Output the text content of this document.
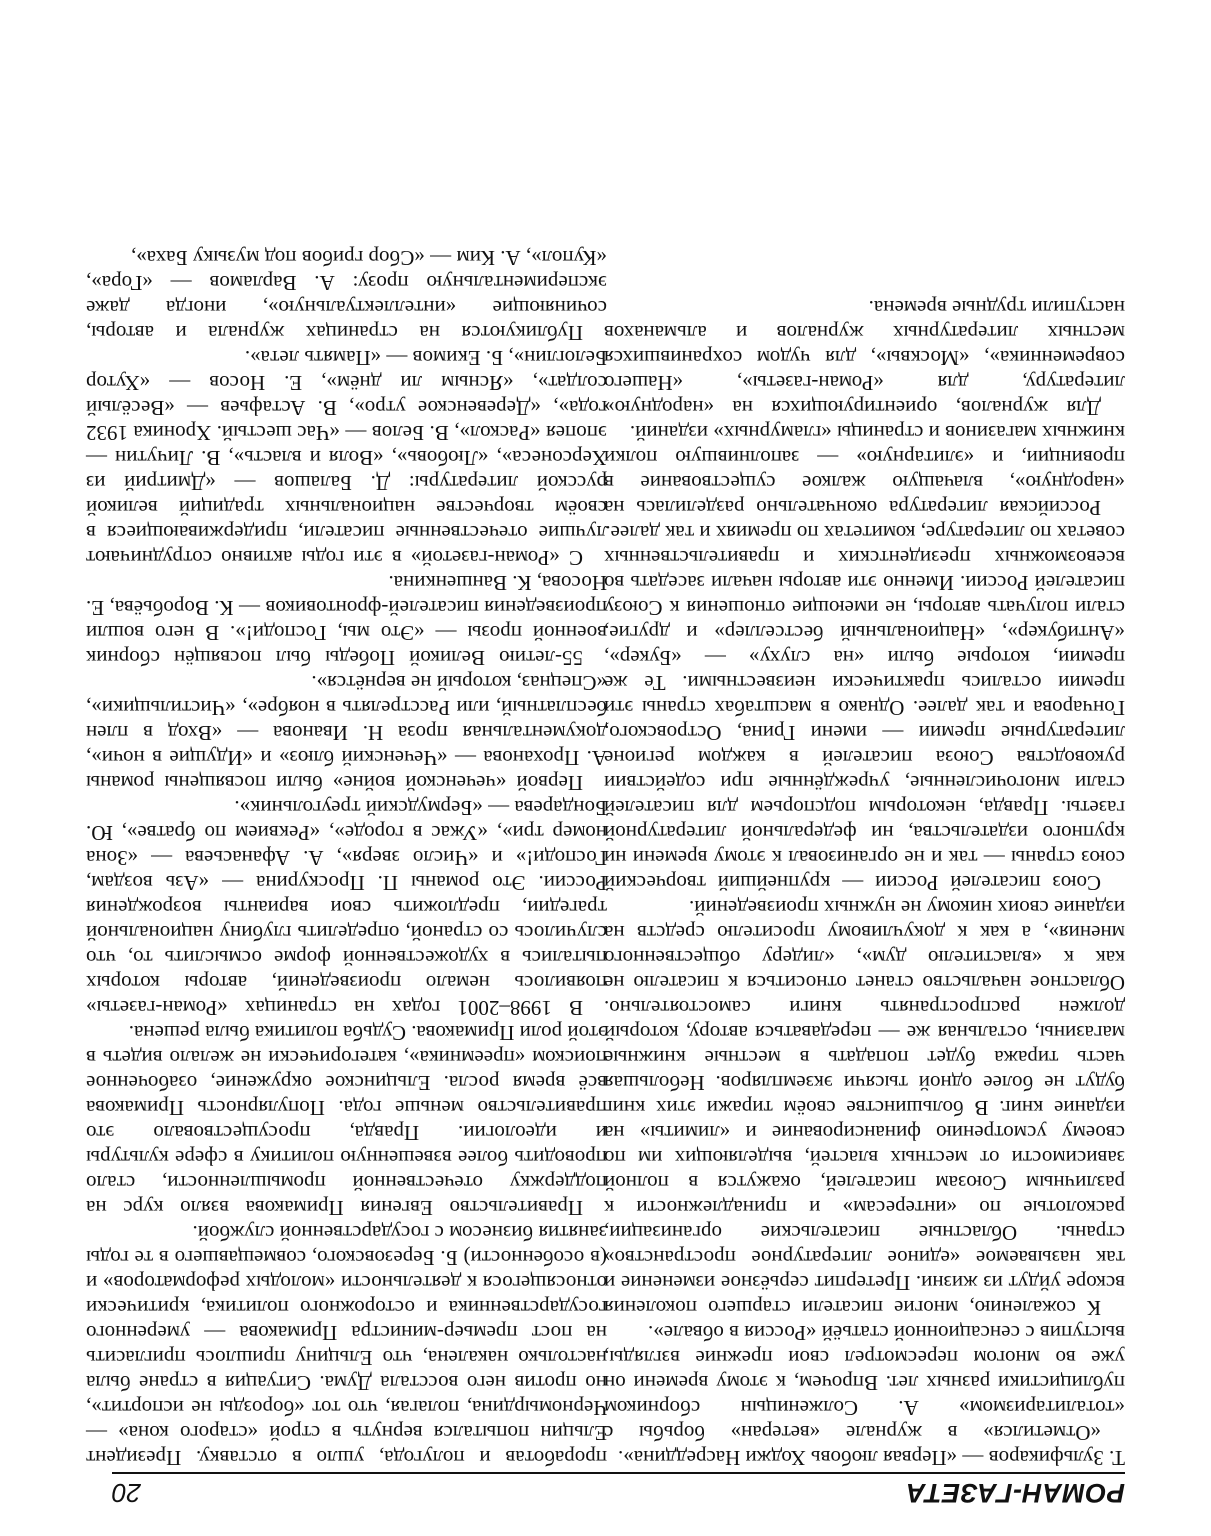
РОМАН-ГАЗЕТА
20

Т. Зульфикаров — «Первая любовь Ходжи Насреддина».

«Отметился» в журнале «ветеран» борьбы с «тоталитаризмом» А. Солженицын сборником публицистики разных лет. Впрочем, к этому времени он уже во многом пересмотрел свои прежние взгляды, выступив с сенсационной статьёй «Россия в обвале».

К сожалению, многие писатели старшего поколения вскоре уйдут из жизни. Претерпит серьёзное изменение и так называемое «единое литературное пространство» страны. Областные писательские организации, расколотые по «интересам» и принадлежности к различным Союзам писателей, окажутся в полной зависимости от местных властей, выделяющих им по своему усмотрению финансирование и «лимиты» на издание книг. В большинстве своём тиражи этих книг будут не более одной тысячи экземпляров. Небольшая часть тиража будет попадать в местные книжные магазины, остальная же — передаваться автору, который должен распространять книги самостоятельно. Областное начальство станет относиться к писателю не как к «властителю дум», «лидеру общественного мнения», а как к докучливому просителю средств на издание своих никому не нужных произведений.

Союз писателей России — крупнейший творческий союз страны — так и не организовал к этому времени ни крупного издательства, ни федеральной литературной газеты. Правда, некоторым подспорьем для писателей стали многочисленные, учреждённые при содействии руководства Союза писателей в каждом регионе литературные премии — имени Грина, Островского, Гончарова и так далее. Однако в масштабах страны эти премии остались практически неизвестными. Те же премии, которые были «на слуху» — «Букер», «Антибукер», «Национальный бестселлер» и другие, стали получать авторы, не имеющие отношения к Союзу писателей России. Именно эти авторы начали заседать во всевозможных президентских и правительственных советах по литературе, комитетах по премиях и так далее.

Российская литература окончательно разделилась на «народную», влачащую жалкое существование в провинции, и «элитарную» — заполнившую полки книжных магазинов и страницы «гламурных» изданий.

Для журналов, ориентирующихся на «народную» литературу, для «Роман-газеты», «Нашего современника», «Москвы», для чудом сохранившихся местных литературных журналов и альманахов наступили трудные времена.

проработав и полугода, ушло в отставку. Президент Ельцин попытался вернуть в строй «старого кона» — Черномырдина, полагая, что тот «борозды не испортит», но против него восстала Дума. Ситуация в стране была настолько накалена, что Ельцину пришлось пригласить на пост премьер-министра Примакова — умеренного государственника и осторожного политика, критически относящегося к деятельности «молодых реформаторов» и (в особенности) Б. Березовского, совмещавшего в те годы занятия бизнесом с государственной службой.

Правительство Евгения Примакова взяло курс на поддержку отечественной промышленности, стало проводить более взвешенную политику в сфере культуры и идеологии. Правда, просуществовало это правительство меньше года. Популярность Примакова всё время росла. Ельцинское окружение, озабоченное поиском «преемника», категорически не желало видеть в этой роли Примакова. Судьба политика была решена.

В 1998–2001 годах на страницах «Роман-газеты» появилось немало произведений, авторы которых пытались в художественной форме осмыслить то, что случилось со страной, определить глубину национальной трагедии, предложить свои варианты возрождения России. Это романы П. Проскурина — «Азь воздам, Господи!» и «Число зверя», А. Афанасьева — «Зона номер три», «Ужас в городе», «Реквием по братве», Ю. Бондарева — «Бермудский треугольник».

Первой «чеченской войне» были посвящены романы А. Проханова — «Чеченский блюз» и «Идущие в ночи», документальная проза Н. Иванова — «Вход в плен бесплатный, или Расстрелять в ноябре», «Чистильщики», «Спецназ, который не вернётся».

55-летию Великой Победы был посвящён сборник военной прозы — «Это мы, Господи!». В него вошли произведения писателей-фронтовиков — К. Воробьёва, Е. Носова, К. Ваншенкина.

С «Роман-газетой» в эти годы активно сотрудничают лучшие отечественные писатели, придерживающиеся в своём творчестве национальных традиций великой русской литературы: Д. Балашов — «Дмитрий из Херсонеса», «Любовь», «Воля и власть», В. Личутин — эпопея «Раскол», В. Белов — «Час шестый. Хроника 1932 года», «Деревенское утро», В. Астафьев — «Весёлый солдат», «Ясным ли днём», Е. Носов — «Хутор Белоглин», Б. Екимов — «Память лета».

Публикуются на страницах журнала и авторы, сочиняющие «интеллектуальную», иногда даже экспериментальную прозу: А. Варламов — «Гора», «Купол», А. Ким — «Сбор грибов под музыку Баха»,
